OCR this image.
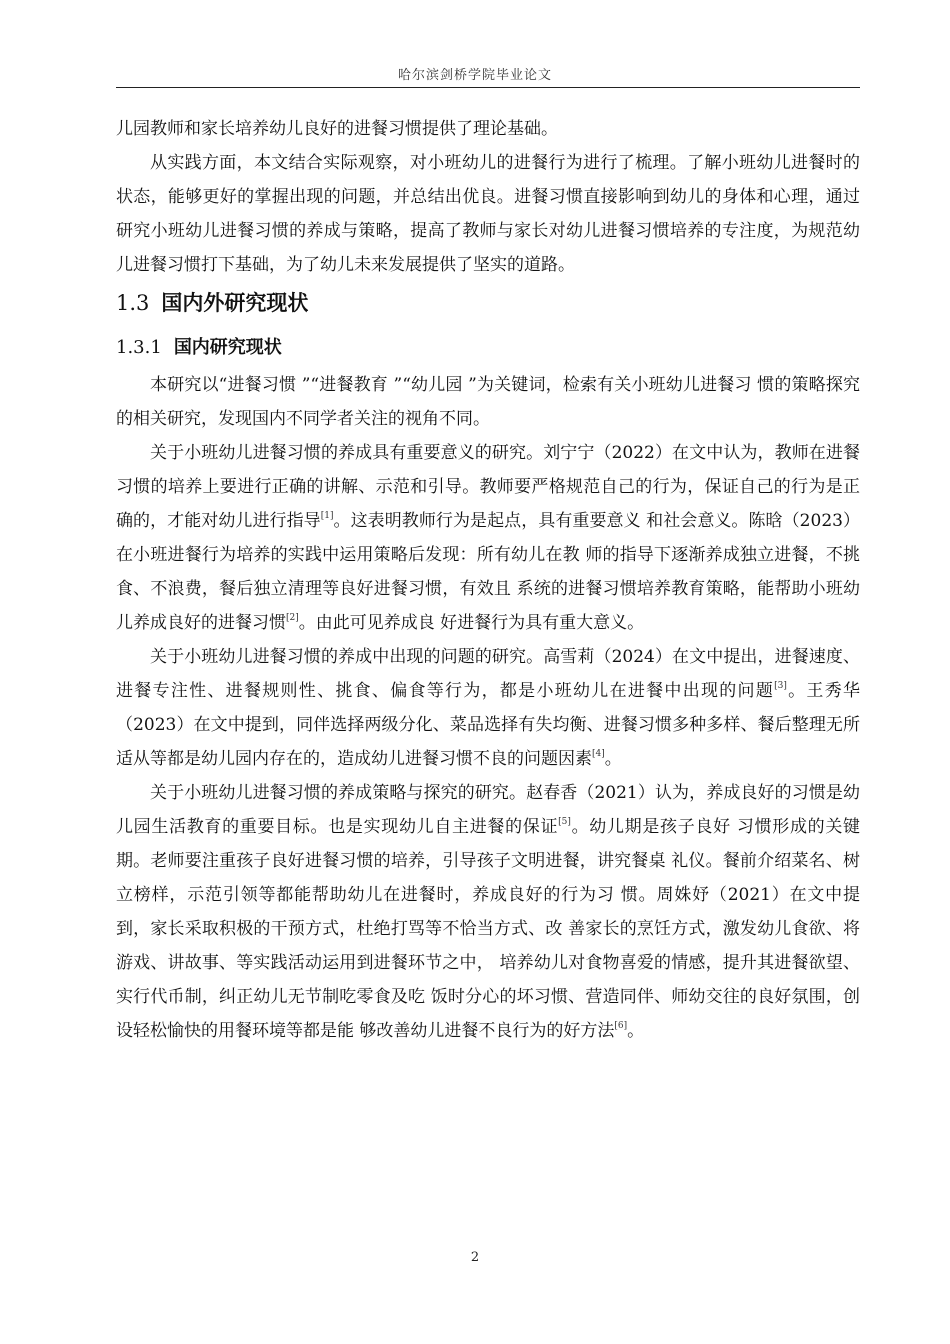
哈尔滨剑桥学院毕业论文

儿园教师和家长培养幼儿良好的进餐习惯提供了理论基础。

从实践方面，本文结合实际观察，对小班幼儿的进餐行为进行了梳理。了解小班幼儿进餐时的状态，能够更好的掌握出现的问题，并总结出优良。进餐习惯直接影响到幼儿的身体和心理，通过研究小班幼儿进餐习惯的养成与策略，提高了教师与家长对幼儿进餐习惯培养的专注度，为规范幼儿进餐习惯打下基础，为了幼儿未来发展提供了坚实的道路。

1.3 国内外研究现状
1.3.1 国内研究现状

本研究以“进餐习惯 ”“进餐教育 ”“幼儿园 ”为关键词，检索有关小班幼儿进餐习 惯的策略探究的相关研究，发现国内不同学者关注的视角不同。

关于小班幼儿进餐习惯的养成具有重要意义的研究。刘宁宁（2022）在文中认为，教师在进餐习惯的培养上要进行正确的讲解、示范和引导。教师要严格规范自己的行为，保证自己的行为是正确的，才能对幼儿进行指导[1]。这表明教师行为是起点，具有重要意义 和社会意义。陈晗（2023）在小班进餐行为培养的实践中运用策略后发现：所有幼儿在教 师的指导下逐渐养成独立进餐，不挑食、不浪费，餐后独立清理等良好进餐习惯，有效且 系统的进餐习惯培养教育策略，能帮助小班幼儿养成良好的进餐习惯[2]。由此可见养成良 好进餐行为具有重大意义。

关于小班幼儿进餐习惯的养成中出现的问题的研究。高雪莉（2024）在文中提出，进餐速度、进餐专注性、进餐规则性、挑食、偏食等行为，都是小班幼儿在进餐中出现的问题[3]。王秀华（2023）在文中提到，同伴选择两级分化、菜品选择有失均衡、进餐习惯多种多样、餐后整理无所适从等都是幼儿园内存在的，造成幼儿进餐习惯不良的问题因素[4]。

关于小班幼儿进餐习惯的养成策略与探究的研究。赵春香（2021）认为，养成良好的习惯是幼儿园生活教育的重要目标。也是实现幼儿自主进餐的保证[5]。幼儿期是孩子良好 习惯形成的关键期。老师要注重孩子良好进餐习惯的培养，引导孩子文明进餐，讲究餐桌 礼仪。餐前介绍菜名、树立榜样，示范引领等都能帮助幼儿在进餐时，养成良好的行为习 惯。周姝妤（2021）在文中提到，家长采取积极的干预方式，杜绝打骂等不恰当方式、改 善家长的烹饪方式，激发幼儿食欲、将游戏、讲故事、等实践活动运用到进餐环节之中， 培养幼儿对食物喜爱的情感，提升其进餐欲望、实行代币制，纠正幼儿无节制吃零食及吃 饭时分心的坏习惯、营造同伴、师幼交往的良好氛围，创设轻松愉快的用餐环境等都是能 够改善幼儿进餐不良行为的好方法[6]。

2
